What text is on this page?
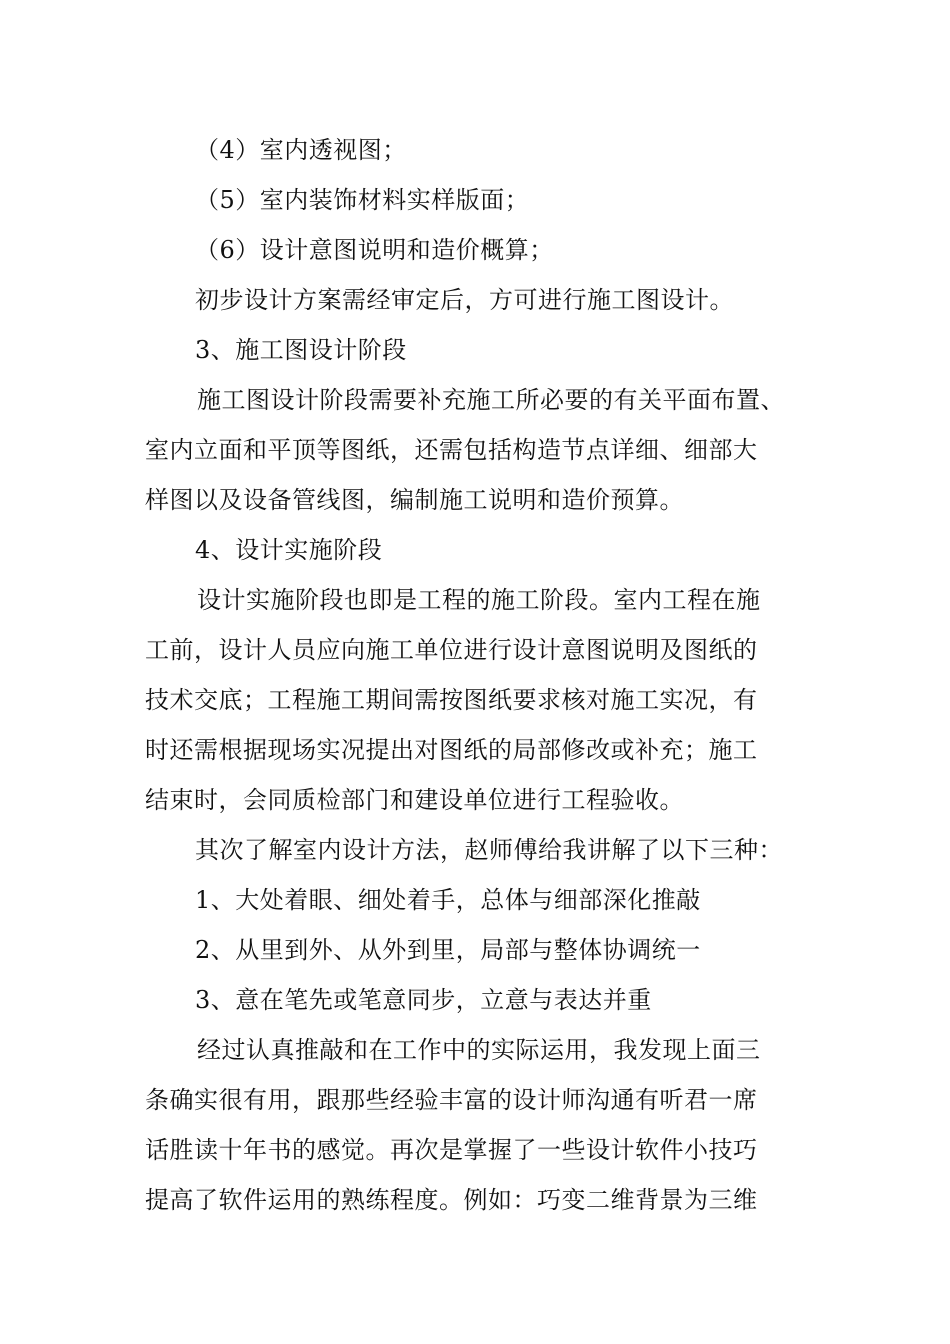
（4）室内透视图；
（5）室内装饰材料实样版面；
（6）设计意图说明和造价概算；
初步设计方案需经审定后，方可进行施工图设计。
3、施工图设计阶段
施工图设计阶段需要补充施工所必要的有关平面布置、
室内立面和平顶等图纸，还需包括构造节点详细、细部大
样图以及设备管线图，编制施工说明和造价预算。
4、设计实施阶段
设计实施阶段也即是工程的施工阶段。室内工程在施
工前，设计人员应向施工单位进行设计意图说明及图纸的
技术交底；工程施工期间需按图纸要求核对施工实况，有
时还需根据现场实况提出对图纸的局部修改或补充；施工
结束时，会同质检部门和建设单位进行工程验收。
其次了解室内设计方法，赵师傅给我讲解了以下三种：
1、大处着眼、细处着手，总体与细部深化推敲
2、从里到外、从外到里，局部与整体协调统一
3、意在笔先或笔意同步，立意与表达并重
经过认真推敲和在工作中的实际运用，我发现上面三
条确实很有用，跟那些经验丰富的设计师沟通有听君一席
话胜读十年书的感觉。再次是掌握了一些设计软件小技巧
提高了软件运用的熟练程度。例如：巧变二维背景为三维
